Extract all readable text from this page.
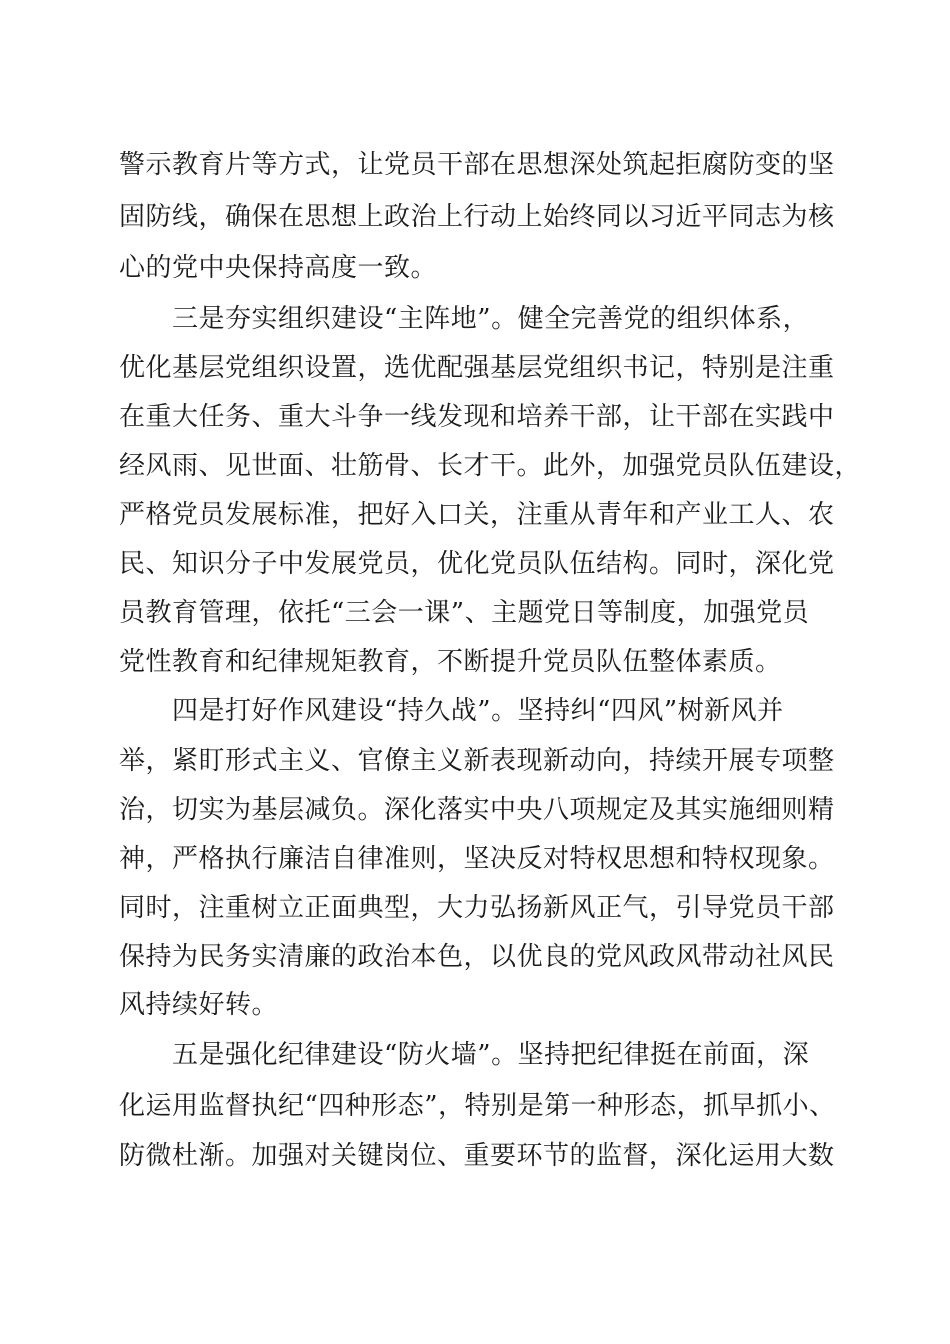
警示教育片等方式，让党员干部在思想深处筑起拒腐防变的坚
固防线，确保在思想上政治上行动上始终同以习近平同志为核
心的党中央保持高度一致。
三是夯实组织建设“主阵地”。健全完善党的组织体系，
优化基层党组织设置，选优配强基层党组织书记，特别是注重
在重大任务、重大斗争一线发现和培养干部，让干部在实践中
经风雨、见世面、壮筋骨、长才干。此外，加强党员队伍建设，
严格党员发展标准，把好入口关，注重从青年和产业工人、农
民、知识分子中发展党员，优化党员队伍结构。同时，深化党
员教育管理，依托“三会一课”、主题党日等制度，加强党员
党性教育和纪律规矩教育，不断提升党员队伍整体素质。
四是打好作风建设“持久战”。坚持纠“四风”树新风并
举，紧盯形式主义、官僚主义新表现新动向，持续开展专项整
治，切实为基层减负。深化落实中央八项规定及其实施细则精
神，严格执行廉洁自律准则，坚决反对特权思想和特权现象。
同时，注重树立正面典型，大力弘扬新风正气，引导党员干部
保持为民务实清廉的政治本色，以优良的党风政风带动社风民
风持续好转。
五是强化纪律建设“防火墙”。坚持把纪律挺在前面，深
化运用监督执纪“四种形态”，特别是第一种形态，抓早抓小、
防微杜渐。加强对关键岗位、重要环节的监督，深化运用大数
